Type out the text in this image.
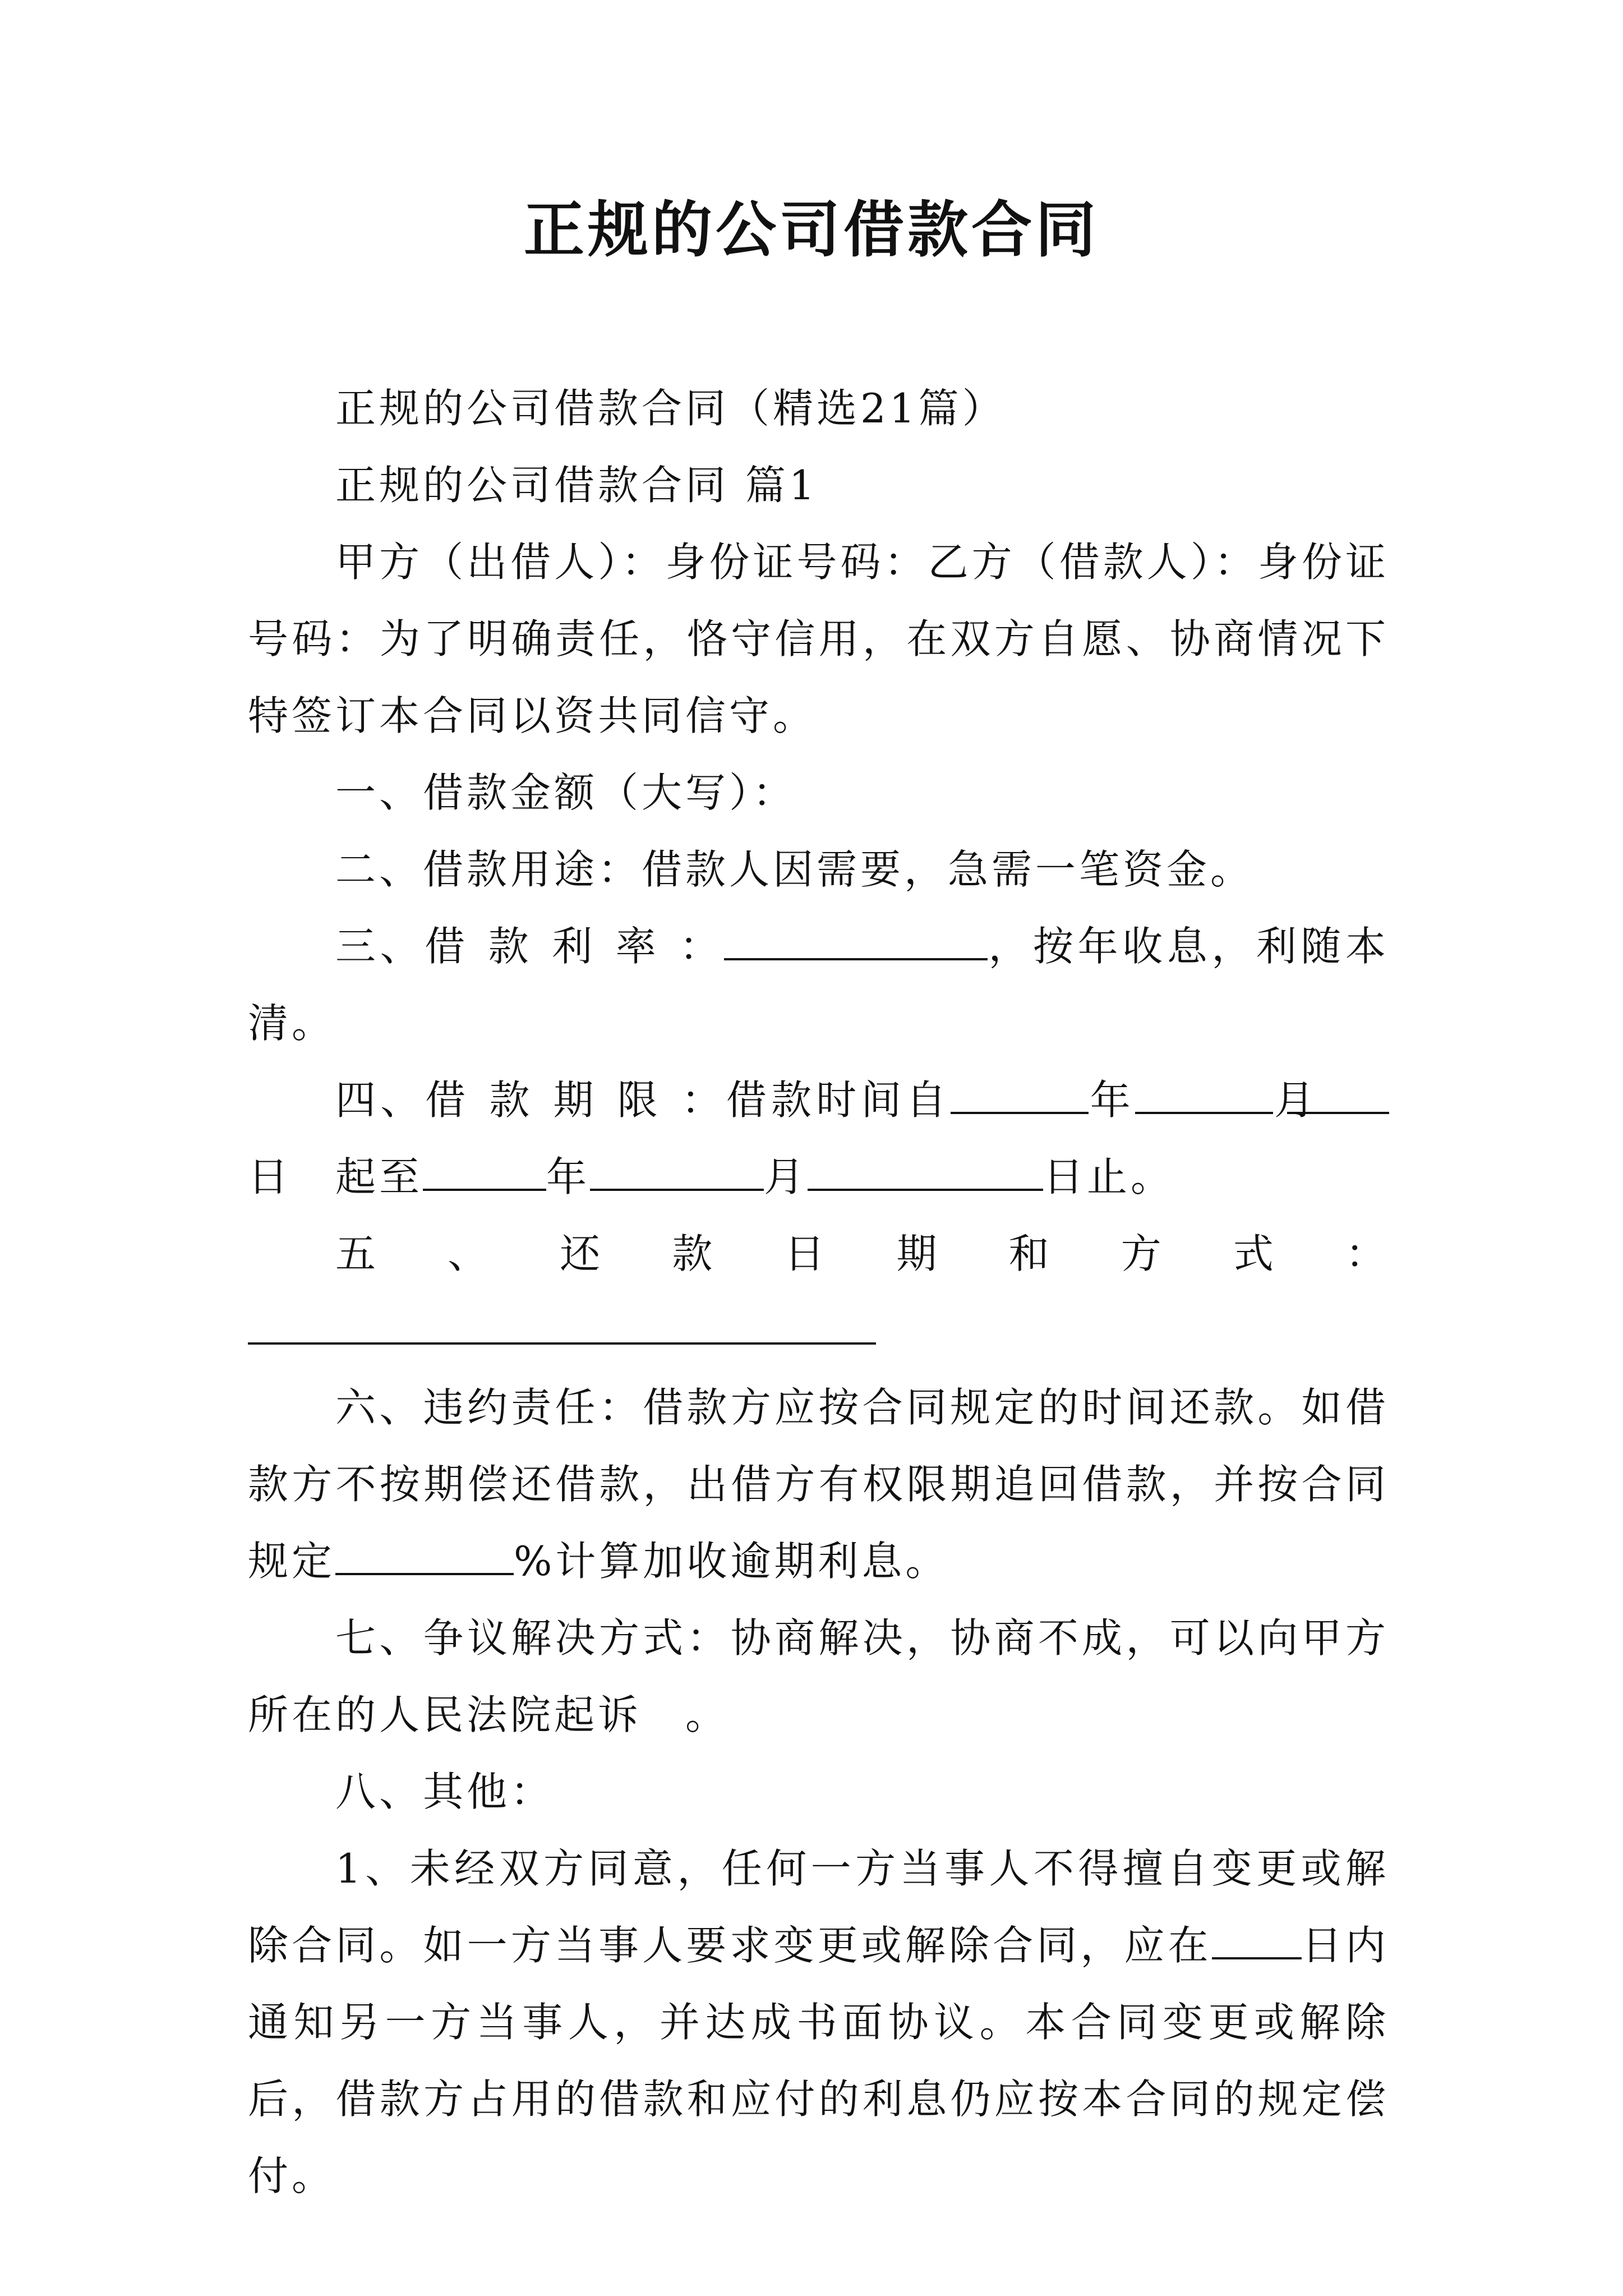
正规的公司借款合同

正规的公司借款合同（精选21篇）

正规的公司借款合同 篇1

甲方（出借人）：身份证号码：乙方（借款人）：身份证号码：为了明确责任，恪守信用，在双方自愿、协商情况下特签订本合同以资共同信守。

一、借款金额（大写）：

二、借款用途：借款人因需要，急需一笔资金。

三、借款利率：	，按年收息，利随本清。

四、借款期限：借款时间自	年	月 日　起至	年	月	日止。

五、还款日期和方式：

六、违约责任：借款方应按合同规定的时间还款。如借款方不按期偿还借款，出借方有权限期追回借款，并按合同规定	%计算加收逾期利息。

七、争议解决方式：协商解决，协商不成，可以向甲方所在的人民法院起诉　。

八、其他：

1、未经双方同意，任何一方当事人不得擅自变更或解除合同。如一方当事人要求变更或解除合同，应在 日内通知另一方当事人，并达成书面协议。本合同变更或解除后，借款方占用的借款和应付的利息仍应按本合同的规定偿付。
